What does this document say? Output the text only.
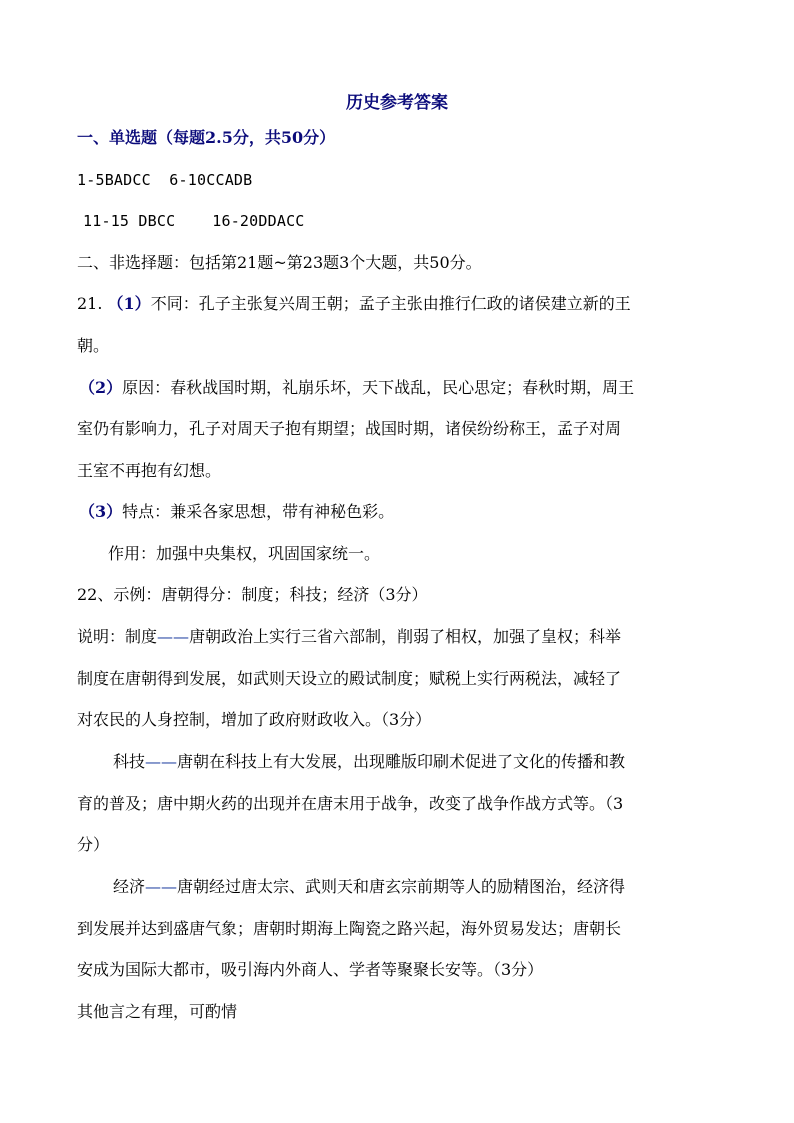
历史参考答案
一、单选题（每题2.5分，共50分）
1-5BADCC  6-10CCADB
11-15 DBCC    16-20DDACC
二、非选择题：包括第21题~第23题3个大题，共50分。
21. （1）不同：孔子主张复兴周王朝；孟子主张由推行仁政的诸侯建立新的王
朝。
（2）原因：春秋战国时期，礼崩乐坏，天下战乱，民心思定；春秋时期，周王
室仍有影响力，孔子对周天子抱有期望；战国时期，诸侯纷纷称王，孟子对周
王室不再抱有幻想。
（3）特点：兼采各家思想，带有神秘色彩。
作用：加强中央集权，巩固国家统一。
22、示例：唐朝得分：制度；科技；经济（3分）
说明：制度——唐朝政治上实行三省六部制，削弱了相权，加强了皇权；科举
制度在唐朝得到发展，如武则天设立的殿试制度；赋税上实行两税法，减轻了
对农民的人身控制，增加了政府财政收入。（3分）
科技——唐朝在科技上有大发展，出现雕版印刷术促进了文化的传播和教
育的普及；唐中期火药的出现并在唐末用于战争，改变了战争作战方式等。（3
分）
经济——唐朝经过唐太宗、武则天和唐玄宗前期等人的励精图治，经济得
到发展并达到盛唐气象；唐朝时期海上陶瓷之路兴起，海外贸易发达；唐朝长
安成为国际大都市，吸引海内外商人、学者等聚聚长安等。（3分）
其他言之有理，可酌情
